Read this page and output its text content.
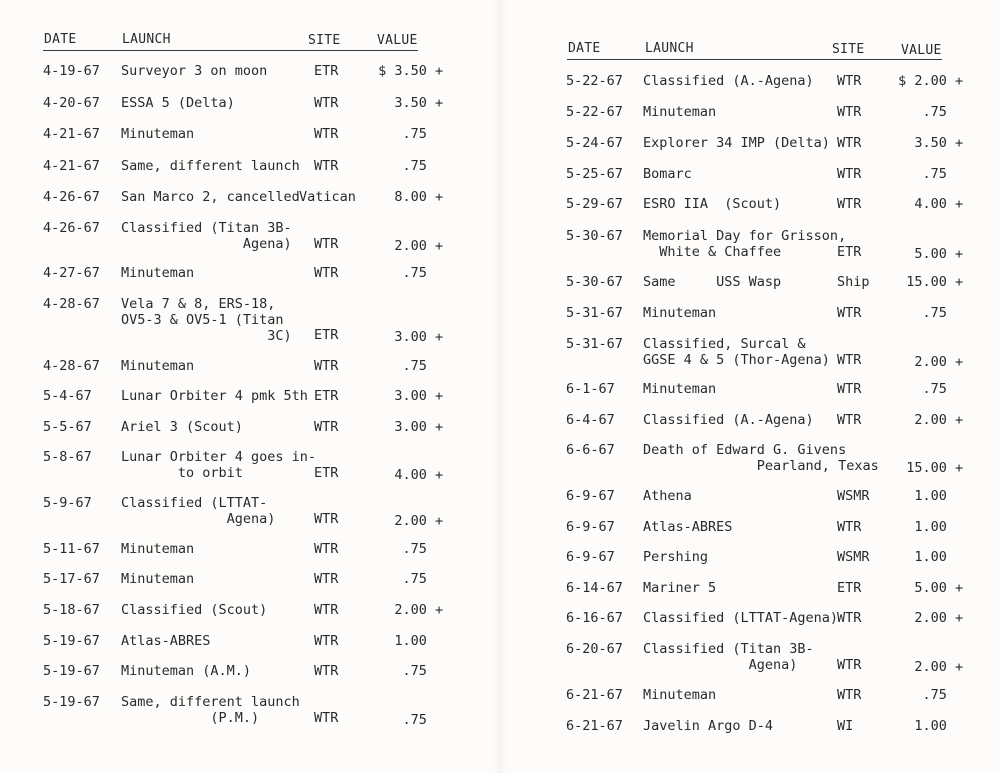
DATE	LAUNCH	SITE	VALUE
4-19-67 Surveyor 3 on moon	ETR $ 3.50 +
4-20-67 ESSA 5 (Delta)	WTR 3.50 +
4-21-67 Minuteman	WTR .75
4-21-67 Same, different launch WTR .75
4-26-67 San Marco 2, cancelled Vatican 8.00 +
4-26-67 Classified (Titan 3B-
Agena) WTR 2.00 +
4-27-67 Minuteman	WTR .75
4-28-67 Vela 7 & 8, ERS-18,
OV5-3 & OV5-1 (Titan
3C) ETR 3.00 +
4-28-67 Minuteman	WTR .75
5-4-67 Lunar Orbiter 4 pmk 5th ETR 3.00 +
5-5-67 Ariel 3 (Scout)	WTR 3.00 +
5-8-67 Lunar Orbiter 4 goes in-
to orbit	ETR 4.00 +
5-9-67 Classified (LTTAT-
Agena)	WTR 2.00 +
5-11-67 Minuteman	WTR .75
5-17-67 Minuteman	WTR .75
5-18-67 Classified (Scout)	WTR 2.00 +
5-19-67 Atlas-ABRES	WTR 1.00
5-19-67 Minuteman (A.M.)	WTR .75
5-19-67 Same, different launch
(P.M.)	WTR .75
DATE	LAUNCH	SITE	VALUE
5-22-67 Classified (A.-Agena) WTR $ 2.00 +
5-22-67 Minuteman	WTR .75
5-24-67 Explorer 34 IMP (Delta) WTR 3.50 +
5-25-67 Bomarc	WTR .75
5-29-67 ESRO IIA  (Scout)	WTR 4.00 +
5-30-67 Memorial Day for Grisson,
White & Chaffee	ETR 5.00 +
5-30-67 Same     USS Wasp	Ship 15.00 +
5-31-67 Minuteman	WTR .75
5-31-67 Classified, Surcal &
GGSE 4 & 5 (Thor-Agena) WTR 2.00 +
6-1-67 Minuteman	WTR .75
6-4-67 Classified (A.-Agena) WTR 2.00 +
6-6-67 Death of Edward G. Givens
Pearland, Texas 15.00 +
6-9-67 Athena	WSMR 1.00
6-9-67 Atlas-ABRES	WTR 1.00
6-9-67 Pershing	WSMR 1.00
6-14-67 Mariner 5	ETR 5.00 +
6-16-67 Classified (LTTAT-Agena)
WTR 2.00 +
6-20-67 Classified (Titan 3B-
Agena)	WTR 2.00 +
6-21-67 Minuteman	WTR .75
6-21-67 Javelin Argo D-4	WI	1.00
